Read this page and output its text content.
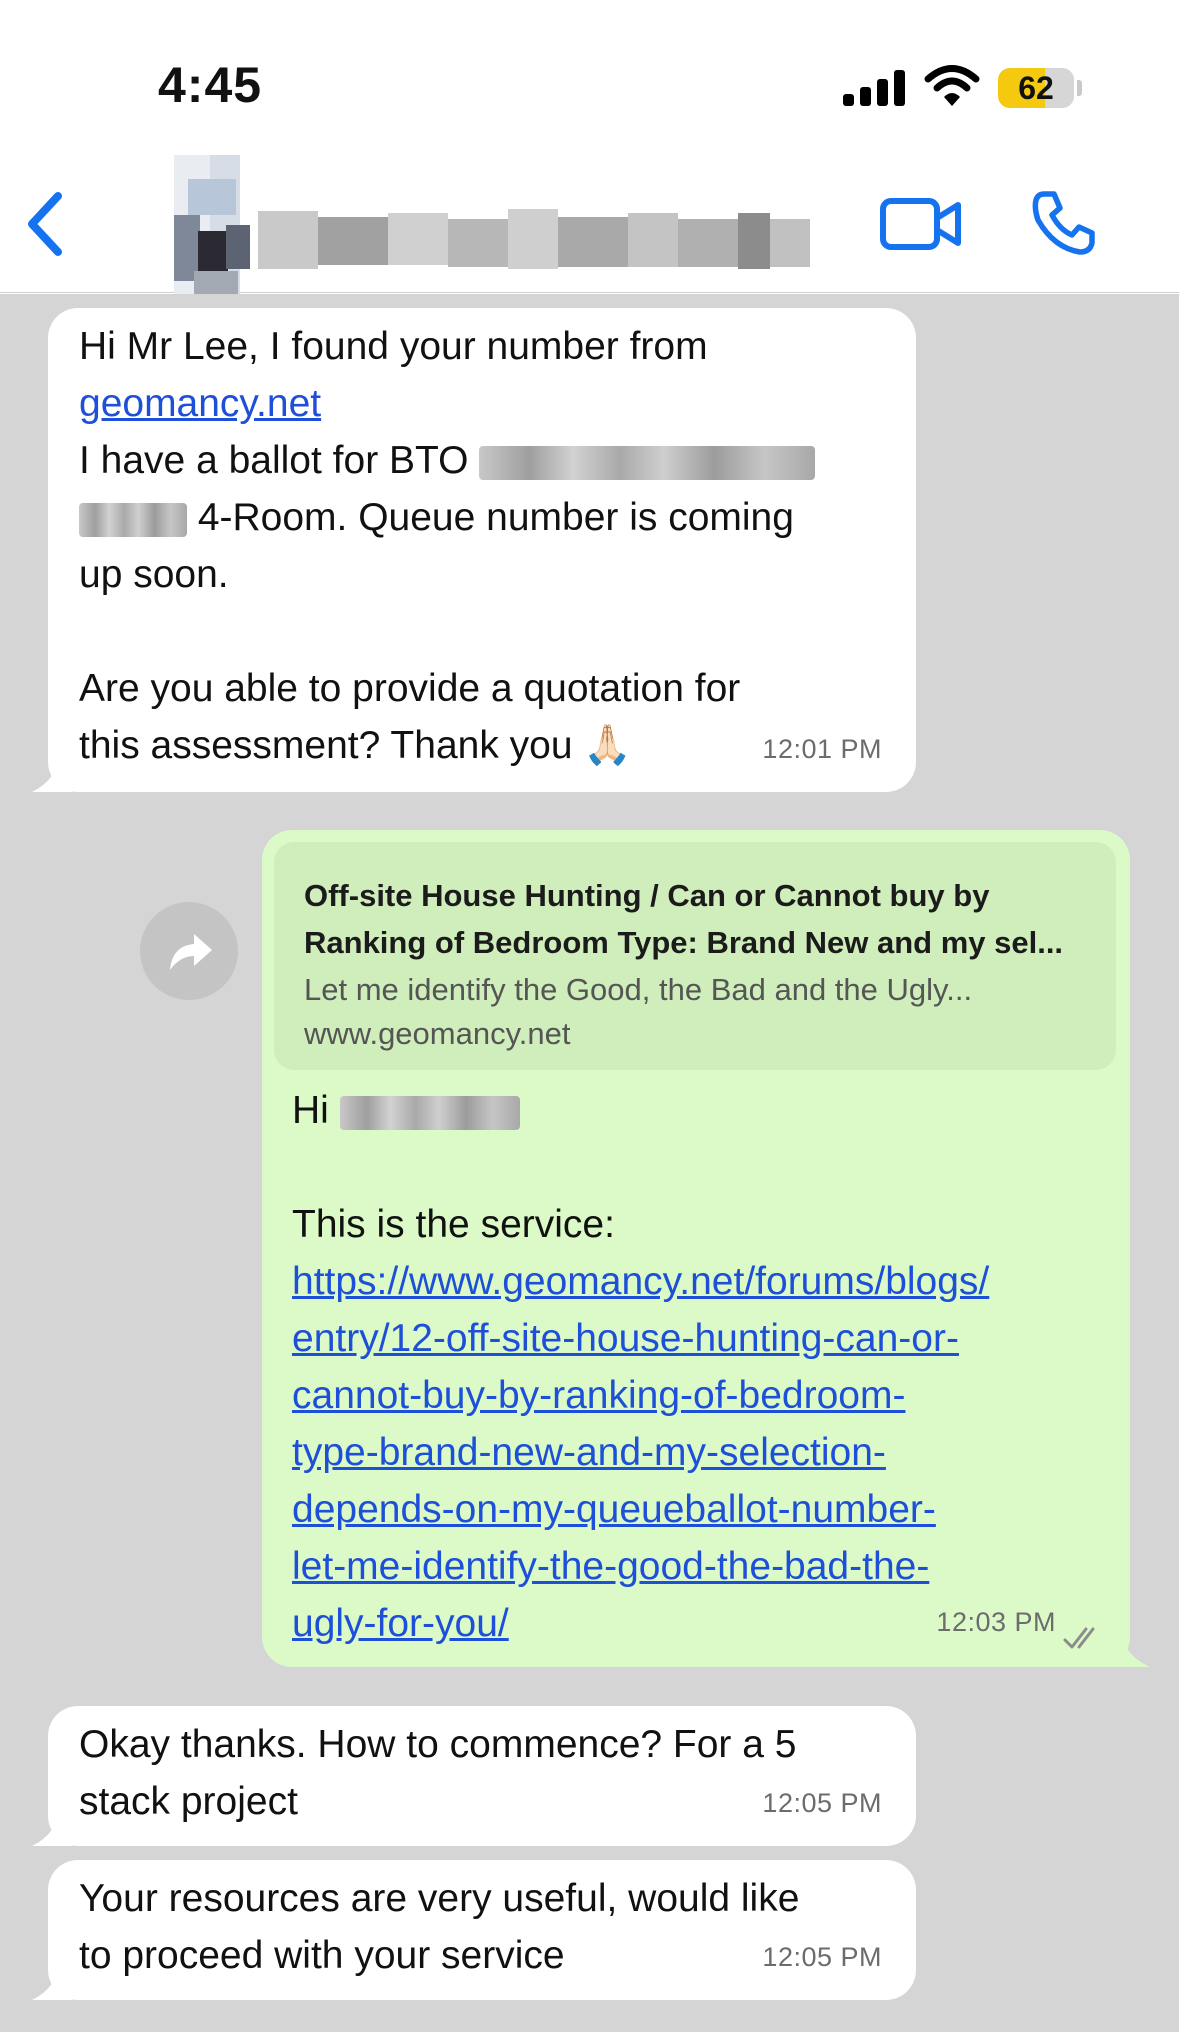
4:45	62
Hi Mr Lee, I found your number from
geomancy.net
I have a ballot for BTO
4-Room. Queue number is coming
up soon.
Are you able to provide a quotation for
this assessment? Thank you 🙏🏻	12:01 PM
Off-site House Hunting / Can or Cannot buy by Ranking of Bedroom Type: Brand New and my sel...
Let me identify the Good, the Bad and the Ugly...
www.geomancy.net
Hi
This is the service:
https://www.geomancy.net/forums/blogs/
entry/12-off-site-house-hunting-can-or-
cannot-buy-by-ranking-of-bedroom-
type-brand-new-and-my-selection-
depends-on-my-queueballot-number-
let-me-identify-the-good-the-bad-the-
ugly-for-you/	12:03 PM
Okay thanks. How to commence? For a 5
stack project	12:05 PM
Your resources are very useful, would like
to proceed with your service	12:05 PM
